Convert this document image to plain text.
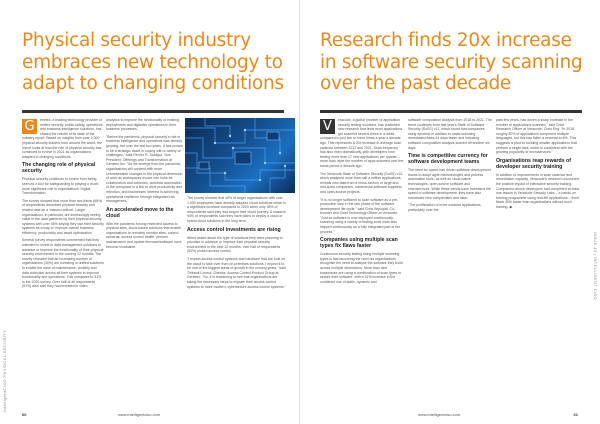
IntelligentCISO PHYSICAL SECURITY
Physical security industry embraces new technology to adapt to changing conditions

G	enetec, a leading technology provider of unified security, public safety, operations and business intelligence solutions, has shared the results of its state of the industry report. Based on insights from over 2,000 physical security leaders from around the world, the report looks at how the role of physical security has continued to evolve in 2021 as organisations adapted to changing conditions.

The changing role of physical security

Physical security continues to evolve from being seen as a tool for safeguarding to playing a much more significant role in organisations' Digital Transformation.

The survey showed that more than two-thirds (68%) of respondents described physical security and related data as a 'mission-critical'. Larger organisations, in particular, are increasingly seeing value in the data gathered by their physical security systems with over 45% saying they use their security systems as a way to 'improve overall business efficiency, productivity and asset optimisation'.

Several survey respondents commented that they intended to invest in data management solutions to advance or improve the functionality of their physical security environment in the coming 12 months. The survey revealed that an increasing number of organisations (30%) are investing in unified solutions to enable the ease of maintenance, visibility and data collection across all their systems to improve functionality and operations. This compares to 31% in the 2020 survey. Over half of all respondents (51%) also said they had invested in video

analytics to improve the functionality of existing deployments and digitalise operations in their business processes.

"Before the pandemic, physical security's role in business intelligence and operations was already growing, but over the last two years, it has proven to be a strategic asset in coping with a variety of challenges," said Pervez R. Siddiqui, Vice President, Offerings and Transformation at Genetec Inc. "As we emerge from the pandemic, organisations will contend with more unforeseeable changes in the physical dimension of work as workspaces evolve into hubs for collaboration and cohesion, workflow automation of the workplace is a link to drive productivity and retention, and businesses' interest in achieving operational resilience through integrated risk management."

An accelerated move to the cloud

With the pandemic forcing restricted access to physical sites, cloud-based solutions that enable organisations to remotely monitor sites, control cameras, access control health, perform maintenance and update firmware/software have become invaluable.

The survey showed that 45% of larger organisations with over 1,000 employees have already adopted cloud solutions which is a significant increase compared to 2020 when only 35% of respondents said they had begun their cloud journey. A massive 94% of respondents said they have plans to deploy a cloud or hybrid cloud solutions in the long term.

Access control investments are rising

When asked about the type of solutions they were planning to prioritise in advance or improve their physical security environment in the next 12 months, over half of respondents (52%) picked access control.

"I expect access control systems and hardware that are built on the cloud to take over from on-premises solutions. I expect it to be one of the biggest areas of growth in the coming years," said Thibault Loveck, Director, Access Control Product Group at Genetec. "So, it is reassuring to see that organisations are taking the necessary steps to migrate their access control systems to more modern, cybersecure access control systems."

60	www.intelligentciso.com
ISSUE 43 | INTELLIGENT CISO
Research finds 20x increase in software security scanning over the past decade

V	eracode, a global provider of application security testing solutions, has published new research that finds most applications get scanned several times in a week compared to just two or three times a year a decade ago. This represents a 20x increase in average scan cadence between 2012 and 2021. Scan frequency has also risen dramatically, with developers now testing more than 17 new applications per quarter – more than triple the number of apps scanned over the same period a decade ago.

The Veracode State of Software Security (SoSS) v12, which analysed more than half a million applications, reveals new data from a cross-section of large and mid-sized companies, commercial software suppliers and open-source projects.

"It is no longer sufficient to scan software as a pre-production step in the last phase of the software development life cycle," said Chris Wysopal, Co-founder and Chief Technology Officer at Veracode. "Just as software is now deployed continuously, scanning using a variety of testing tools must also happen continuously as a fully integrated part of the process."

Companies using multiple scan types fix flaws faster

Continuous security testing using multiple scanning types is fast becoming the norm as organisations recognise the need to analyse the software they build across multiple dimensions. More than nine businesses are using a combination of scan types to secure their software, with a 31% increase in the combined use of static, dynamic and

software composition analysis from 2018 to 2021. The trend continues from last year's State of Software Security (SoSS) v11, which found that companies using dynamic in addition to static scanning remediated flaws 24 days faster and including software composition analysis shaved off another six days.

Time is competitive currency for software development teams

The need for speed has driven software development teams to adopt agile methodologies and process automation tools, as well as cloud-native technologies, open-source software and microservices. While these trends have increased the speed of software development, they have also introduced new complexities and risks.

"The proliferation of more modular applications, particularly over the

past few years, has driven a sharp increase in the number of applications scanned," said Chief Research Officer at Veracode, Chris Eng. "In 2018, roughly 80% of applications comprised multiple languages, but this has fallen a reversal to 6%. This suggests a pivot to building smaller applications that perform a single task, which is consistent with the growing popularity of microservices."

Organisations reap rewards of developer security training

In addition to improvements in scan cadence and remediation capacity, Veracode's research uncovered the positive impact of interactive security training. Companies whose developers had completed at least one lesson in Veracode Security Labs – a hands-on training programme using real-life applications – fixed flaws 35% faster than organisations without such training. ◆

www.intelligentciso.com	61
